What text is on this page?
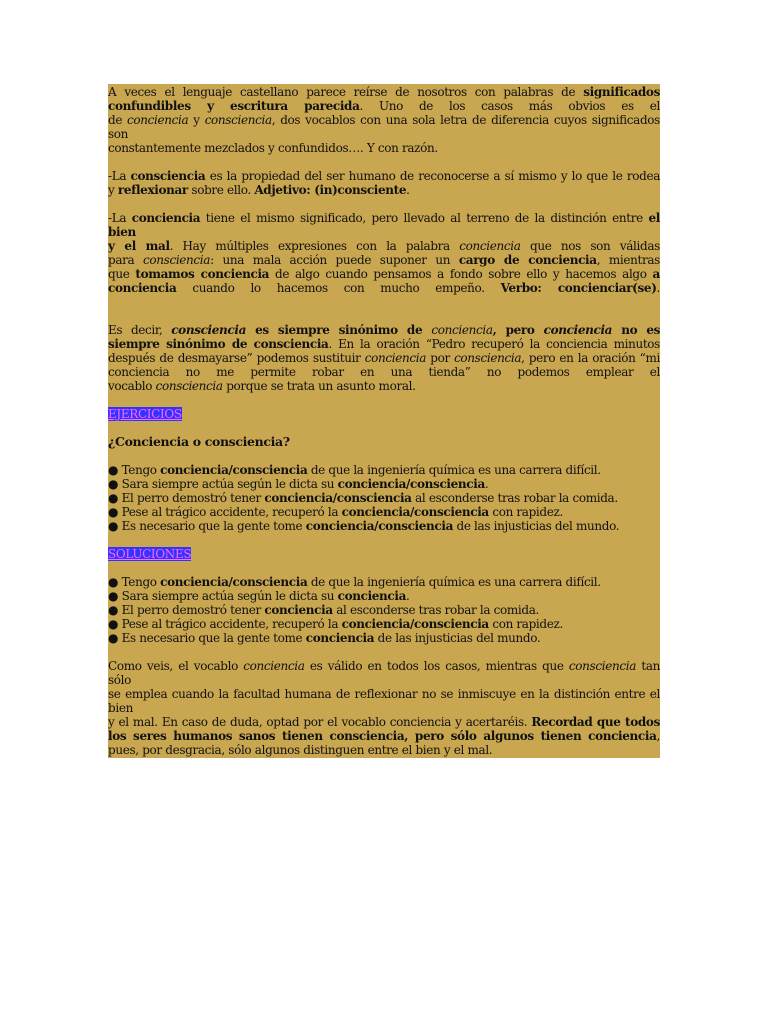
A veces el lenguaje castellano parece reírse de nosotros con palabras de significados

confundibles y escritura parecida. Uno de los casos más obvios es el

de conciencia y consciencia, dos vocablos con una sola letra de diferencia cuyos significados son

constantemente mezclados y confundidos…. Y con razón.

-La consciencia es la propiedad del ser humano de reconocerse a sí mismo y lo que le rodea

y reflexionar sobre ello. Adjetivo: (in)consciente.

-La conciencia tiene el mismo significado, pero llevado al terreno de la distinción entre el bien

y el mal. Hay múltiples expresiones con la palabra conciencia que nos son válidas

para consciencia: una mala acción puede suponer un cargo de conciencia, mientras

que tomamos conciencia de algo cuando pensamos a fondo sobre ello y hacemos algo a

conciencia cuando lo hacemos con mucho empeño. Verbo: concienciar(se).

Es decir, consciencia es siempre sinónimo de conciencia, pero conciencia no es

siempre sinónimo de consciencia. En la oración “Pedro recuperó la conciencia minutos

después de desmayarse” podemos sustituir conciencia por consciencia, pero en la oración “mi

conciencia no me permite robar en una tienda” no podemos emplear el

vocablo consciencia porque se trata un asunto moral.

EJERCICIOS

¿Conciencia o consciencia?

● Tengo conciencia/consciencia de que la ingeniería química es una carrera difícil.

● Sara siempre actúa según le dicta su conciencia/consciencia.

● El perro demostró tener conciencia/consciencia al esconderse tras robar la comida.

● Pese al trágico accidente, recuperó la conciencia/consciencia con rapidez.

● Es necesario que la gente tome conciencia/consciencia de las injusticias del mundo.

SOLUCIONES

● Tengo conciencia/consciencia de que la ingeniería química es una carrera difícil.

● Sara siempre actúa según le dicta su conciencia.

● El perro demostró tener conciencia al esconderse tras robar la comida.

● Pese al trágico accidente, recuperó la conciencia/consciencia con rapidez.

● Es necesario que la gente tome conciencia de las injusticias del mundo.

Como veis, el vocablo conciencia es válido en todos los casos, mientras que consciencia tan sólo

se emplea cuando la facultad humana de reflexionar no se inmiscuye en la distinción entre el bien

y el mal. En caso de duda, optad por el vocablo conciencia y acertaréis. Recordad que todos

los seres humanos sanos tienen consciencia, pero sólo algunos tienen conciencia,

pues, por desgracia, sólo algunos distinguen entre el bien y el mal.
